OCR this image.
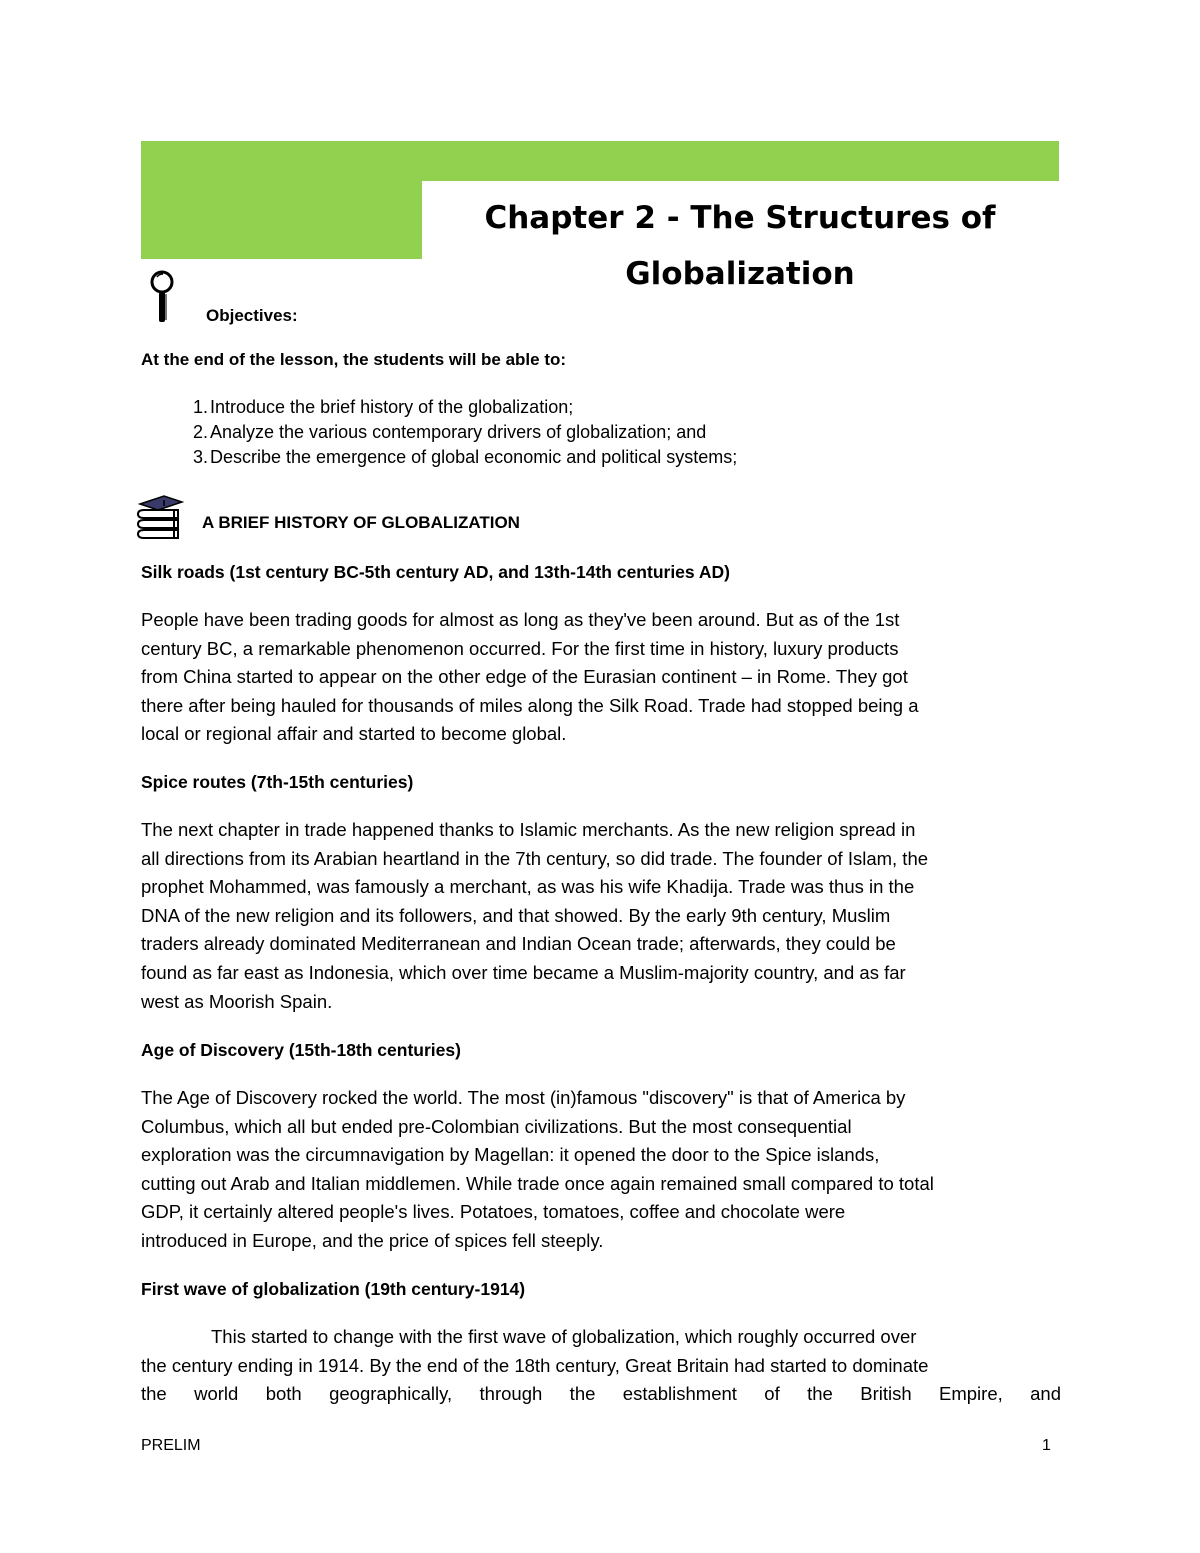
Chapter 2 - The Structures of
Globalization

Objectives:

At the end of the lesson, the students will be able to:

1. Introduce the brief history of the globalization;
2. Analyze the various contemporary drivers of globalization; and
3. Describe the emergence of global economic and political systems;

A BRIEF HISTORY OF GLOBALIZATION

Silk roads (1st century BC-5th century AD, and 13th-14th centuries AD)

People have been trading goods for almost as long as they've been around. But as of the 1st
century BC, a remarkable phenomenon occurred. For the first time in history, luxury products
from China started to appear on the other edge of the Eurasian continent – in Rome. They got
there after being hauled for thousands of miles along the Silk Road. Trade had stopped being a
local or regional affair and started to become global.

Spice routes (7th-15th centuries)

The next chapter in trade happened thanks to Islamic merchants. As the new religion spread in
all directions from its Arabian heartland in the 7th century, so did trade. The founder of Islam, the
prophet Mohammed, was famously a merchant, as was his wife Khadija. Trade was thus in the
DNA of the new religion and its followers, and that showed. By the early 9th century, Muslim
traders already dominated Mediterranean and Indian Ocean trade; afterwards, they could be
found as far east as Indonesia, which over time became a Muslim-majority country, and as far
west as Moorish Spain.

Age of Discovery (15th-18th centuries)

The Age of Discovery rocked the world. The most (in)famous "discovery" is that of America by
Columbus, which all but ended pre-Colombian civilizations. But the most consequential
exploration was the circumnavigation by Magellan: it opened the door to the Spice islands,
cutting out Arab and Italian middlemen. While trade once again remained small compared to total
GDP, it certainly altered people's lives. Potatoes, tomatoes, coffee and chocolate were
introduced in Europe, and the price of spices fell steeply.

First wave of globalization (19th century-1914)

This started to change with the first wave of globalization, which roughly occurred over
the century ending in 1914. By the end of the 18th century, Great Britain had started to dominate
the world both geographically, through the establishment of the British Empire, and

PRELIM	1
